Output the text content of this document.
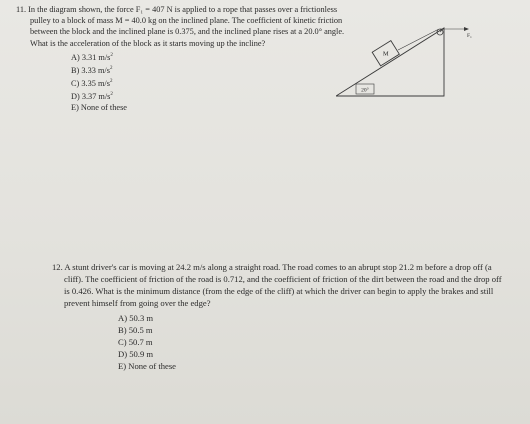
11. In the diagram shown, the force F₁ = 407 N is applied to a rope that passes over a frictionless pulley to a block of mass M = 40.0 kg on the inclined plane. The coefficient of kinetic friction between the block and the inclined plane is 0.375, and the inclined plane rises at a 20.0° angle. What is the acceleration of the block as it starts moving up the incline?
A) 3.31 $m/s^2$
B) 3.33 $m/s^2$
C) 3.35 $m/s^2$
D) 3.37 $m/s^2$
E) None of these
M
F₁
20°
12. A stunt driver's car is moving at 24.2 m/s along a straight road. The road comes to an abrupt stop 21.2 m before a drop off (a cliff). The coefficient of friction of the road is 0.712, and the coefficient of friction of the dirt between the road and the drop off is 0.426. What is the minimum distance (from the edge of the cliff) at which the driver can begin to apply the brakes and still prevent himself from going over the edge?
A) 50.3 m
B) 50.5 m
C) 50.7 m
D) 50.9 m
E) None of these
